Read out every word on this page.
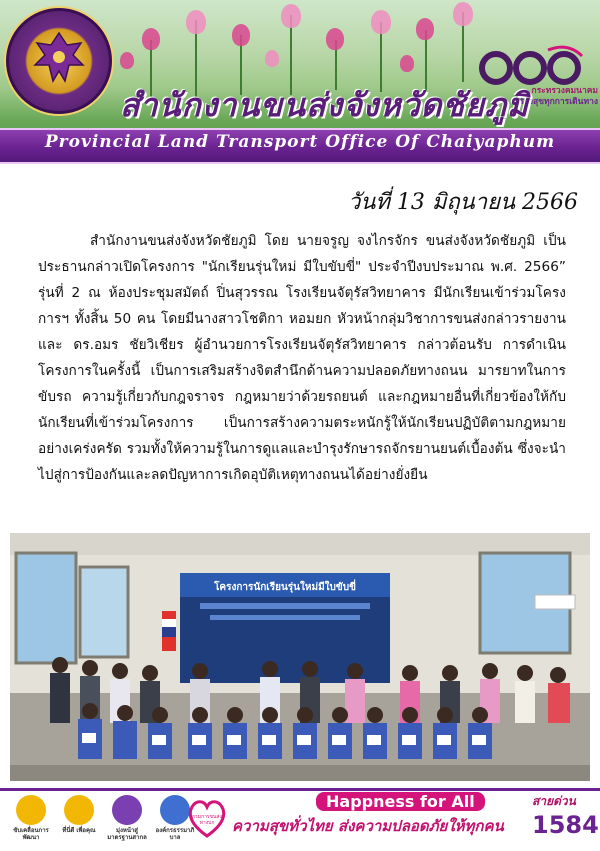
กระทรวงคมนาคม
สร้างสุขทุกการเดินทาง
สำนักงานขนส่งจังหวัดชัยภูมิ
Provincial Land Transport Office Of Chaiyaphum
วันที่ 13 มิถุนายน 2566
สำนักงานขนส่งจังหวัดชัยภูมิ โดย นายจรูญ จงไกรจักร ขนส่งจังหวัดชัยภูมิ เป็นประธานกล่าวเปิดโครงการ "นักเรียนรุ่นใหม่ มีใบขับขี่" ประจำปีงบประมาณ พ.ศ. 2566” รุ่นที่ 2 ณ ห้องประชุมสมัตถ์ ปิ่นสุวรรณ โรงเรียนจัตุรัสวิทยาคาร มีนักเรียนเข้าร่วมโครงการฯ ทั้งสิ้น 50 คน โดยมีนางสาวโชติกา หอมยก หัวหน้ากลุ่มวิชาการขนส่งกล่าวรายงาน และ ดร.อมร ชัยวิเชียร ผู้อำนวยการโรงเรียนจัตุรัสวิทยาคาร กล่าวต้อนรับ การดำเนินโครงการในครั้งนี้ เป็นการเสริมสร้างจิตสำนึกด้านความปลอดภัยทางถนน มารยาทในการขับรถ ความรู้เกี่ยวกับกฎจราจร กฎหมายว่าด้วยรถยนต์ และกฎหมายอื่นที่เกี่ยวข้องให้กับนักเรียนที่เข้าร่วมโครงการ เป็นการสร้างความตระหนักรู้ให้นักเรียนปฏิบัติตามกฎหมายอย่างเคร่งครัด รวมทั้งให้ความรู้ในการดูแลและบำรุงรักษารถจักรยานยนต์เบื้องต้น ซึ่งจะนำไปสู่การป้องกันและลดปัญหาการเกิดอุบัติเหตุทางถนนได้อย่างยั่งยืน
โครงการนักเรียนรุ่นใหม่มีใบขับขี่
ขับเคลื่อนการพัฒนา
ที่นี่ดี เพื่อคุณ	มุ่งหน้าสู่มาตรฐานสากล
องค์กรธรรมาภิบาล
กรมการขนส่งทางบก
Happness for All
ความสุขทั่วไทย ส่งความปลอดภัยให้ทุกคน
สายด่วน
1584
